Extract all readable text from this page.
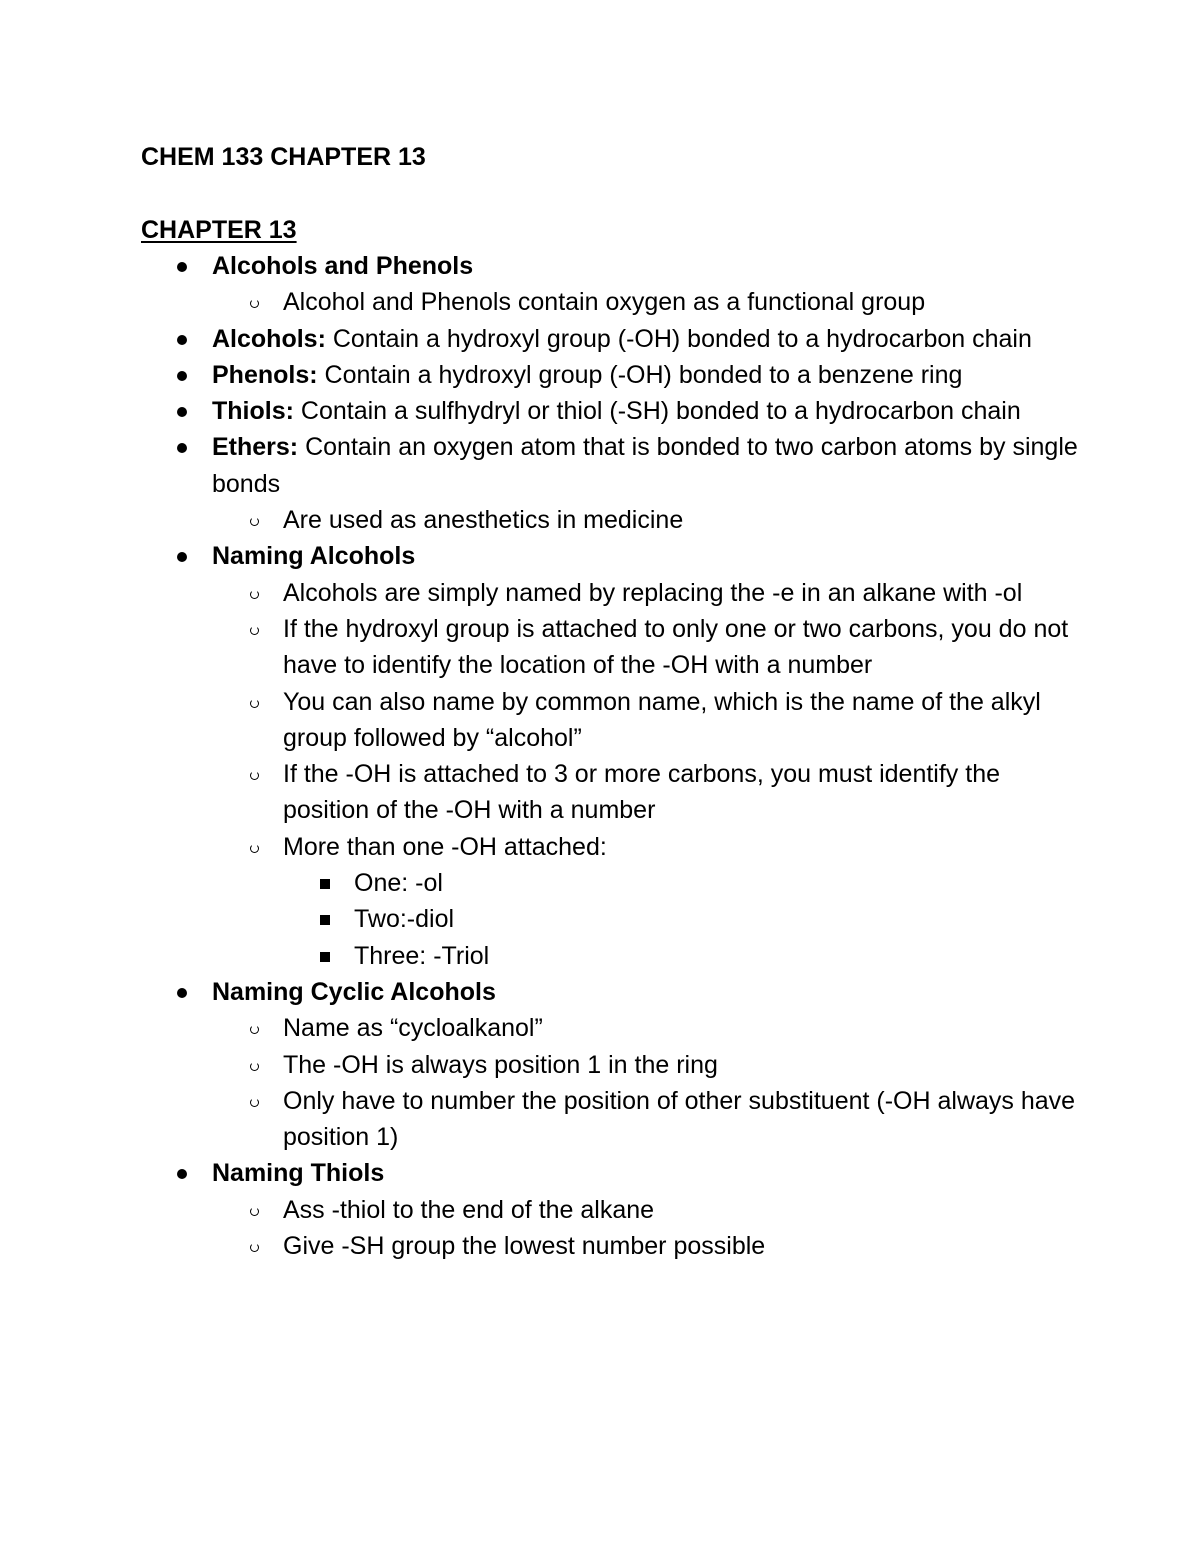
CHEM 133 CHAPTER 13
CHAPTER 13
Alcohols and Phenols
Alcohol and Phenols contain oxygen as a functional group
Alcohols: Contain a hydroxyl group (-OH) bonded to a hydrocarbon chain
Phenols: Contain a hydroxyl group (-OH) bonded to a benzene ring
Thiols: Contain a sulfhydryl or thiol (-SH) bonded to a hydrocarbon chain
Ethers: Contain an oxygen atom that is bonded to two carbon atoms by single bonds
Are used as anesthetics in medicine
Naming Alcohols
Alcohols are simply named by replacing the -e in an alkane with -ol
If the hydroxyl group is attached to only one or two carbons, you do not have to identify the location of the -OH with a number
You can also name by common name, which is the name of the alkyl group followed by “alcohol”
If the -OH is attached to 3 or more carbons, you must identify the position of the -OH with a number
More than one -OH attached:
One: -ol
Two:-diol
Three: -Triol
Naming Cyclic Alcohols
Name as “cycloalkanol”
The -OH is always position 1 in the ring
Only have to number the position of other substituent (-OH always have position 1)
Naming Thiols
Ass -thiol to the end of the alkane
Give -SH group the lowest number possible
